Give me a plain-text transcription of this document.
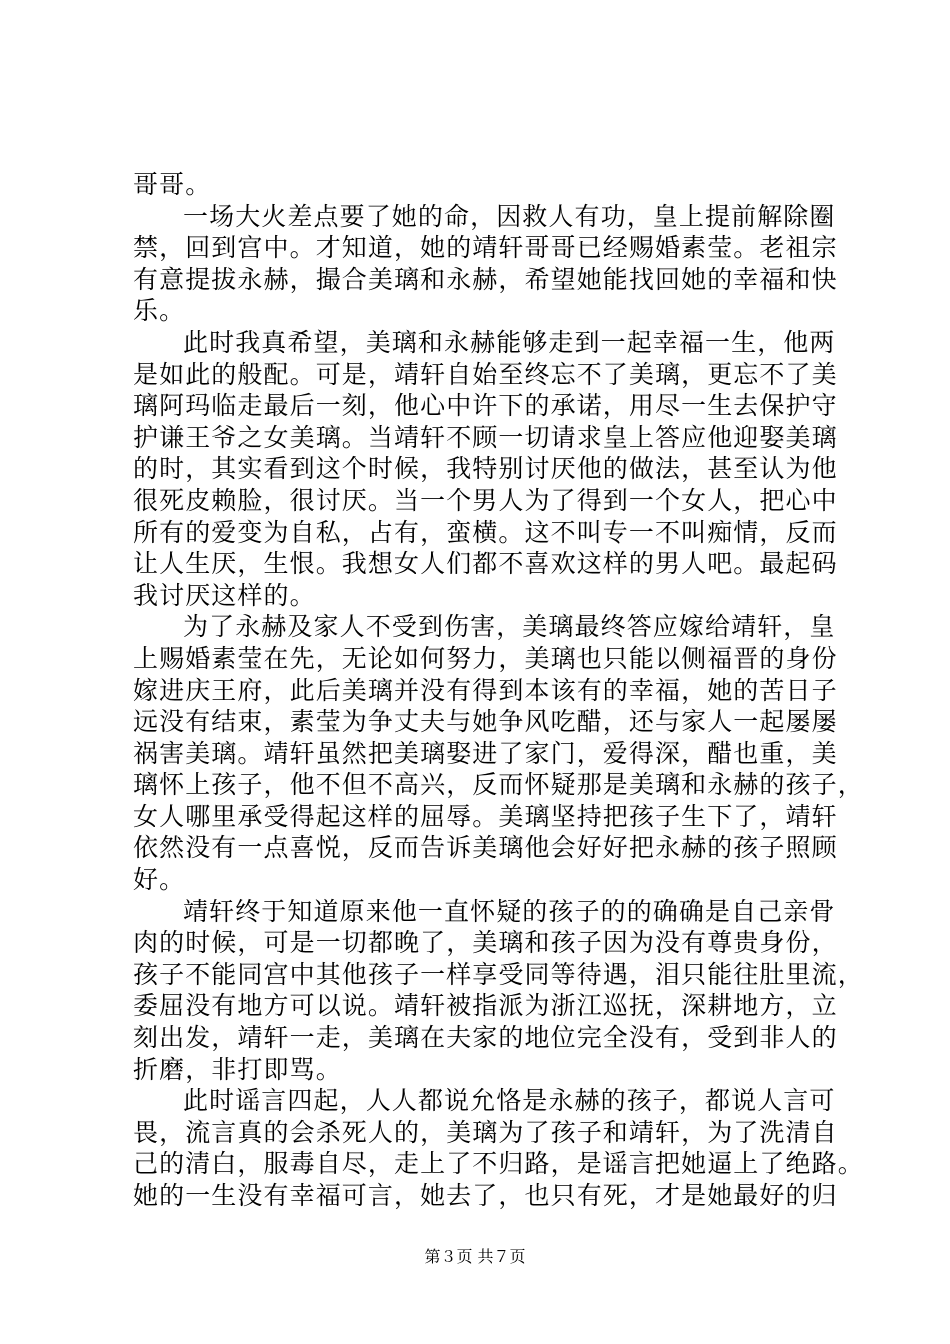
哥哥。

一场大火差点要了她的命，因救人有功，皇上提前解除圈
禁，回到宫中。才知道，她的靖轩哥哥已经赐婚素莹。老祖宗
有意提拔永赫，撮合美璃和永赫，希望她能找回她的幸福和快
乐。

此时我真希望，美璃和永赫能够走到一起幸福一生，他两
是如此的般配。可是，靖轩自始至终忘不了美璃，更忘不了美
璃阿玛临走最后一刻，他心中许下的承诺，用尽一生去保护守
护谦王爷之女美璃。当靖轩不顾一切请求皇上答应他迎娶美璃
的时，其实看到这个时候，我特别讨厌他的做法，甚至认为他
很死皮赖脸，很讨厌。当一个男人为了得到一个女人，把心中
所有的爱变为自私，占有，蛮横。这不叫专一不叫痴情，反而
让人生厌，生恨。我想女人们都不喜欢这样的男人吧。最起码
我讨厌这样的。

为了永赫及家人不受到伤害，美璃最终答应嫁给靖轩，皇
上赐婚素莹在先，无论如何努力，美璃也只能以侧福晋的身份
嫁进庆王府，此后美璃并没有得到本该有的幸福，她的苦日子
远没有结束，素莹为争丈夫与她争风吃醋，还与家人一起屡屡
祸害美璃。靖轩虽然把美璃娶进了家门，爱得深，醋也重，美
璃怀上孩子，他不但不高兴，反而怀疑那是美璃和永赫的孩子，
女人哪里承受得起这样的屈辱。美璃坚持把孩子生下了，靖轩
依然没有一点喜悦，反而告诉美璃他会好好把永赫的孩子照顾
好。

靖轩终于知道原来他一直怀疑的孩子的的确确是自己亲骨
肉的时候，可是一切都晚了，美璃和孩子因为没有尊贵身份，
孩子不能同宫中其他孩子一样享受同等待遇，泪只能往肚里流，
委屈没有地方可以说。靖轩被指派为浙江巡抚，深耕地方，立
刻出发，靖轩一走，美璃在夫家的地位完全没有，受到非人的
折磨，非打即骂。

此时谣言四起，人人都说允恪是永赫的孩子，都说人言可
畏，流言真的会杀死人的，美璃为了孩子和靖轩，为了洗清自
己的清白，服毒自尽，走上了不归路，是谣言把她逼上了绝路。
她的一生没有幸福可言，她去了，也只有死，才是她最好的归

第３页 共７页
